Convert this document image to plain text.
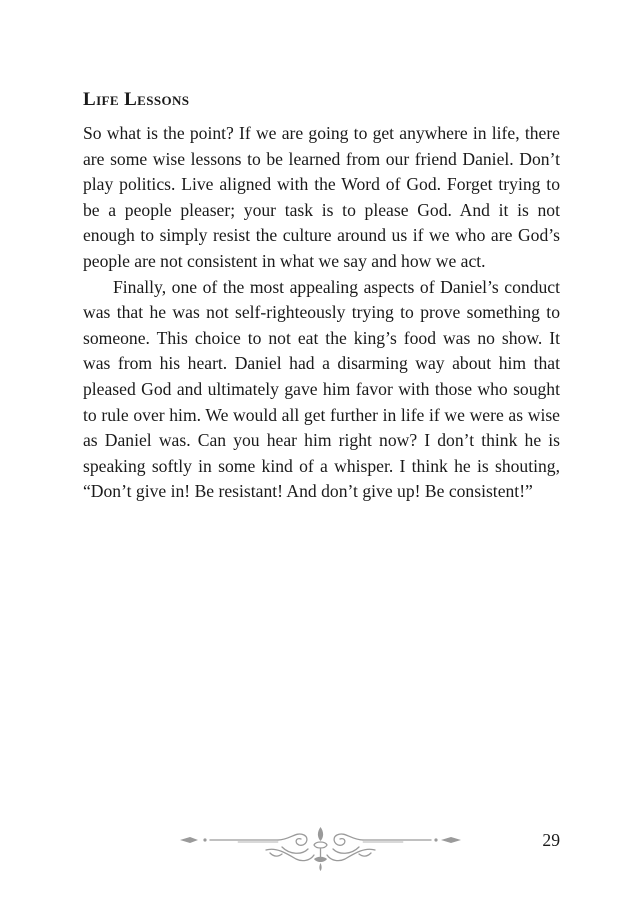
Life Lessons

So what is the point? If we are going to get anywhere in life, there are some wise lessons to be learned from our friend Daniel. Don’t play politics. Live aligned with the Word of God. Forget trying to be a people pleaser; your task is to please God. And it is not enough to simply resist the culture around us if we who are God’s people are not consistent in what we say and how we act.

Finally, one of the most appealing aspects of Daniel’s conduct was that he was not self-righteously trying to prove something to someone. This choice to not eat the king’s food was no show. It was from his heart. Daniel had a disarming way about him that pleased God and ultimately gave him favor with those who sought to rule over him. We would all get further in life if we were as wise as Daniel was. Can you hear him right now? I don’t think he is speaking softly in some kind of a whisper. I think he is shouting, “Don’t give in! Be resistant! And don’t give up! Be consistent!”

29
